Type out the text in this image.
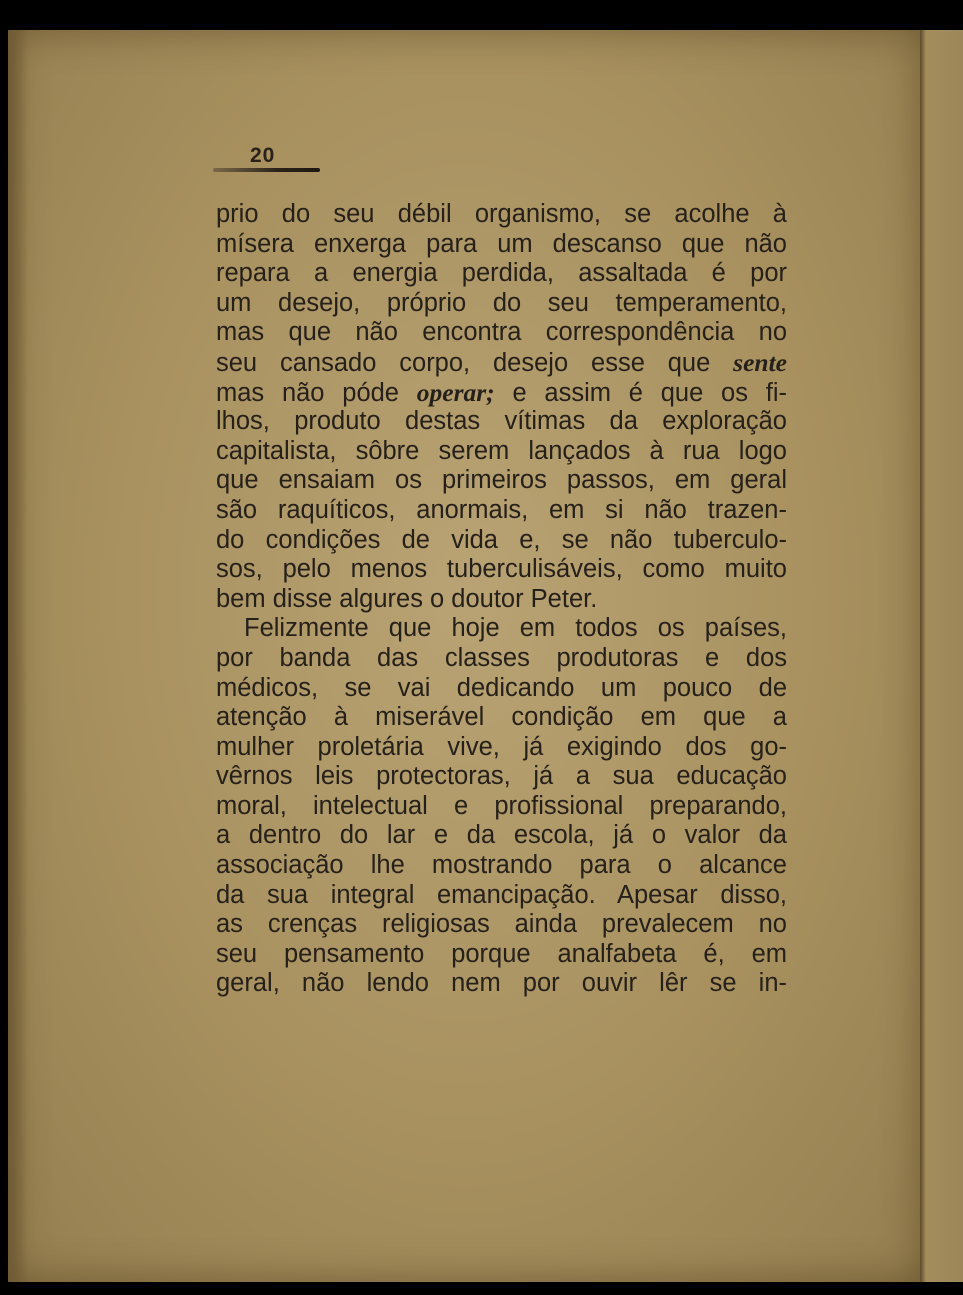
20
prio do seu débil organismo, se acolhe à
mísera enxerga para um descanso que não
repara a energia perdida, assaltada é por
um desejo, próprio do seu temperamento,
mas que não encontra correspondência no
seu cansado corpo, desejo esse que sente
mas não póde operar; e assim é que os fi-
lhos, produto destas vítimas da exploração
capitalista, sôbre serem lançados à rua logo
que ensaiam os primeiros passos, em geral
são raquíticos, anormais, em si não trazen-
do condições de vida e, se não tuberculo-
sos, pelo menos tuberculisáveis, como muito
bem disse algures o doutor Peter.
Felizmente que hoje em todos os países,
por banda das classes produtoras e dos
médicos, se vai dedicando um pouco de
atenção à miserável condição em que a
mulher proletária vive, já exigindo dos go-
vêrnos leis protectoras, já a sua educação
moral, intelectual e profissional preparando,
a dentro do lar e da escola, já o valor da
associação lhe mostrando para o alcance
da sua integral emancipação. Apesar disso,
as crenças religiosas ainda prevalecem no
seu pensamento porque analfabeta é, em
geral, não lendo nem por ouvir lêr se in-
